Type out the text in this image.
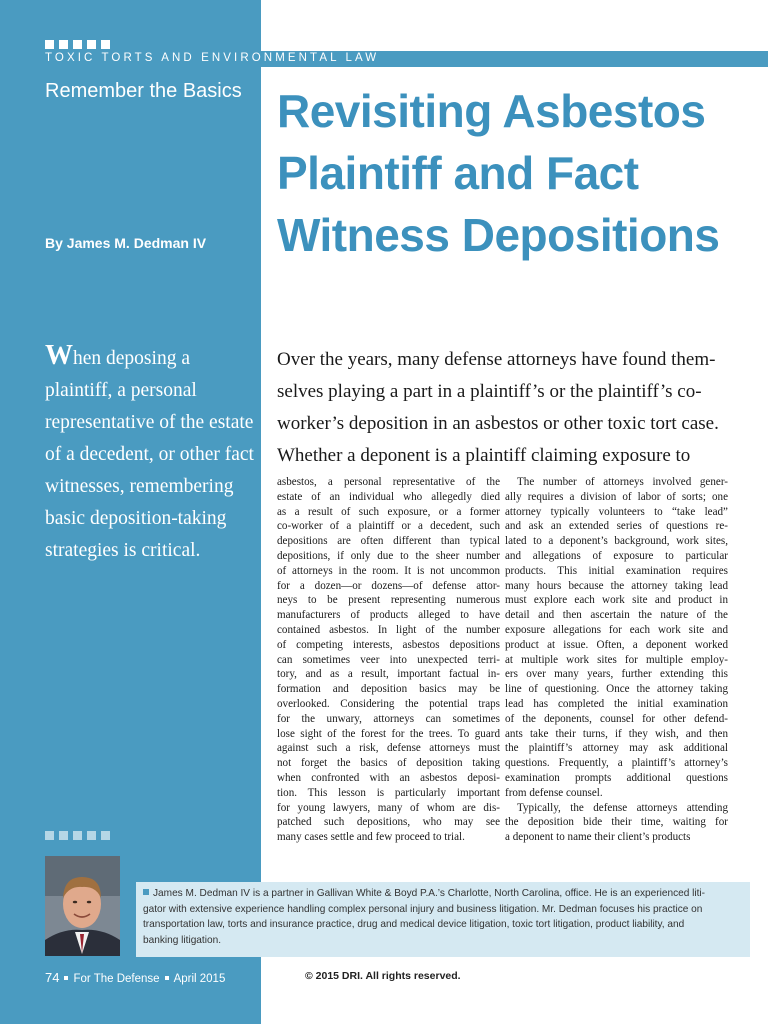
TOXIC TORTS AND ENVIRONMENTAL LAW
Remember the Basics
By James M. Dedman IV
Revisiting Asbestos
Plaintiff and Fact
Witness Depositions
When deposing a
plaintiff, a personal
representative of the estate
of a decedent, or other fact
witnesses, remembering
basic deposition-taking
strategies is critical.
Over the years, many defense attorneys have found them-
selves playing a part in a plaintiff’s or the plaintiff’s co-
worker’s deposition in an asbestos or other toxic tort case.
Whether a deponent is a plaintiff claiming exposure to
asbestos, a personal representative of the
estate of an individual who allegedly died
as a result of such exposure, or a former
co-worker of a plaintiff or a decedent, such
depositions are often different than typical
depositions, if only due to the sheer number
of attorneys in the room. It is not uncommon
for a dozen—or dozens—of defense attor-
neys to be present representing numerous
manufacturers of products alleged to have
contained asbestos. In light of the number
of competing interests, asbestos depositions
can sometimes veer into unexpected terri-
tory, and as a result, important factual in-
formation and deposition basics may be
overlooked. Considering the potential traps
for the unwary, attorneys can sometimes
lose sight of the forest for the trees. To guard
against such a risk, defense attorneys must
not forget the basics of deposition taking
when confronted with an asbestos deposi-
tion. This lesson is particularly important
for young lawyers, many of whom are dis-
patched such depositions, who may see
many cases settle and few proceed to trial.
The number of attorneys involved gener-
ally requires a division of labor of sorts; one
attorney typically volunteers to “take lead”
and ask an extended series of questions re-
lated to a deponent’s background, work sites,
and allegations of exposure to particular
products. This initial examination requires
many hours because the attorney taking lead
must explore each work site and product in
detail and then ascertain the nature of the
exposure allegations for each work site and
product at issue. Often, a deponent worked
at multiple work sites for multiple employ-
ers over many years, further extending this
line of questioning. Once the attorney taking
lead has completed the initial examination
of the deponents, counsel for other defend-
ants take their turns, if they wish, and then
the plaintiff’s attorney may ask additional
questions. Frequently, a plaintiff’s attorney’s
examination prompts additional questions
from defense counsel.
Typically, the defense attorneys attending
the deposition bide their time, waiting for
a deponent to name their client’s products
James M. Dedman IV is a partner in Gallivan White & Boyd P.A.’s Charlotte, North Carolina, office. He is an experienced liti-
gator with extensive experience handling complex personal injury and business litigation. Mr. Dedman focuses his practice on
transportation law, torts and insurance practice, drug and medical device litigation, toxic tort litigation, product liability, and
banking litigation.
74 For The Defense April 2015	© 2015 DRI. All rights reserved.
